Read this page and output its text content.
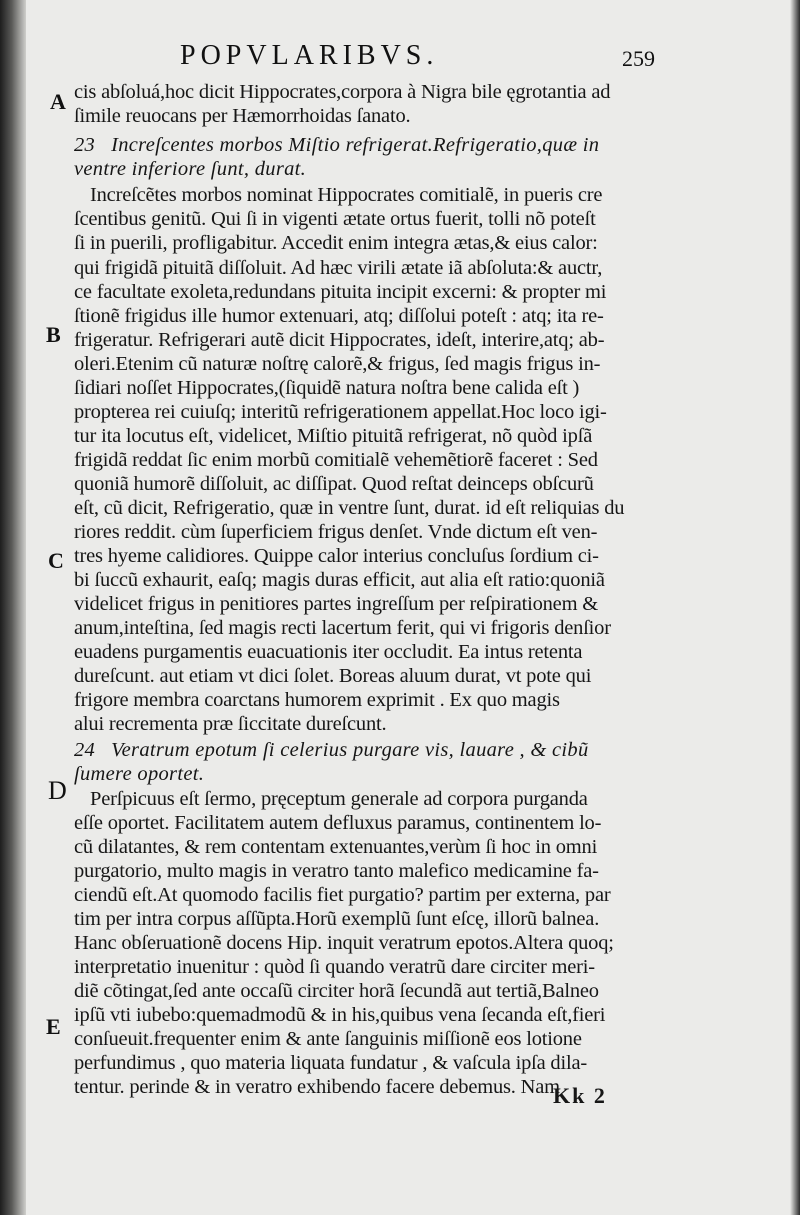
POPVLARIBVS.	259
A
B
C
D
E
cis abſoluá,hoc dicit Hippocrates,corpora à Nigra bile ęgrotantia ad
ſimile reuocans per Hæmorrhoidas ſanato.
23 Increſcentes morbos Miſtio refrigerat.Refrigeratio,quæ in
ventre inferiore ſunt, durat.
Increſcẽtes morbos nominat Hippocrates comitialẽ, in pueris cre
ſcentibus genitũ. Qui ſi in vigenti ætate ortus fuerit, tolli nõ poteſt
ſi in puerili, profligabitur. Accedit enim integra ætas,& eius calor:
qui frigidã pituitã diſſoluit. Ad hæc virili ætate iã abſoluta:& auctr,
ce facultate exoleta,redundans pituita incipit excerni: & propter mi
ſtionẽ frigidus ille humor extenuari, atq; diſſolui poteſt : atq; ita re-
frigeratur. Refrigerari autẽ dicit Hippocrates, ideſt, interire,atq; ab-
oleri.Etenim cũ naturæ noſtrę calorẽ,& frigus, ſed magis frigus in-
ſidiari noſſet Hippocrates,(ſiquidẽ natura noſtra bene calida eſt )
propterea rei cuiuſq; interitũ refrigerationem appellat.Hoc loco igi-
tur ita locutus eſt, videlicet, Miſtio pituitã refrigerat, nõ quòd ipſã
frigidã reddat ſic enim morbũ comitialẽ vehemẽtiorẽ faceret : Sed
quoniã humorẽ diſſoluit, ac diſſipat. Quod reſtat deinceps obſcurũ
eſt, cũ dicit, Refrigeratio, quæ in ventre ſunt, durat. id eſt reliquias du
riores reddit. cùm ſuperficiem frigus denſet. Vnde dictum eſt ven-
tres hyeme calidiores. Quippe calor interius concluſus ſordium ci-
bi ſuccũ exhaurit, eaſq; magis duras efficit, aut alia eſt ratio:quoniã
videlicet frigus in penitiores partes ingreſſum per reſpirationem &
anum,inteſtina, ſed magis recti lacertum ferit, qui vi frigoris denſior
euadens purgamentis euacuationis iter occludit. Ea intus retenta
dureſcunt. aut etiam vt dici ſolet. Boreas aluum durat, vt pote qui
frigore membra coarctans humorem exprimit . Ex quo magis
alui recrementa præ ſiccitate dureſcunt.
24 Veratrum epotum ſi celerius purgare vis, lauare , & cibũ
ſumere oportet.
Perſpicuus eſt ſermo, pręceptum generale ad corpora purganda
eſſe oportet. Facilitatem autem defluxus paramus, continentem lo-
cũ dilatantes, & rem contentam extenuantes,verùm ſi hoc in omni
purgatorio, multo magis in veratro tanto malefico medicamine fa-
ciendũ eſt.At quomodo facilis fiet purgatio? partim per externa, par
tim per intra corpus aſſũpta.Horũ exemplũ ſunt eſcę, illorũ balnea.
Hanc obſeruationẽ docens Hip. inquit veratrum epotos.Altera quoq;
interpretatio inuenitur : quòd ſi quando veratrũ dare circiter meri-
diẽ cõtingat,ſed ante occaſũ circiter horã ſecundã aut tertiã,Balneo
ipſũ vti iubebo:quemadmodũ & in his,quibus vena ſecanda eſt,fieri
conſueuit.frequenter enim & ante ſanguinis miſſionẽ eos lotione
perfundimus , quo materia liquata fundatur , & vaſcula ipſa dila-
tentur. perinde & in veratro exhibendo facere debemus. Nam
Kk 2
